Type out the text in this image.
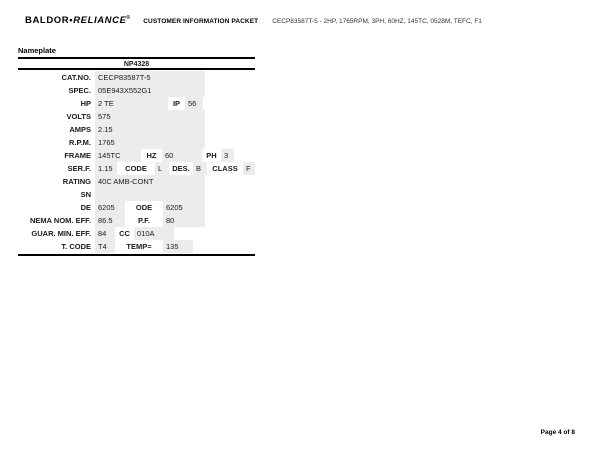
BALDOR•RELIANCE®
CUSTOMER INFORMATION PACKET CECP83587T-5 - 2HP, 1765RPM, 3PH, 60HZ, 145TC, 0528M, TEFC, F1
Nameplate
NP4328
CAT.NO. CECP83587T-5
SPEC. 05E943X552G1
HP 2 TE	IP	56
VOLTS 575
AMPS 2.15
R.P.M. 1765
FRAME 145TC	HZ	60	PH 3
SER.F. 1.15	CODE	L	DES. B	CLASS	F
RATING 40C AMB-CONT
SN
DE 6205	ODE	6205
NEMA NOM. EFF. 86.5	P.F.	80
GUAR. MIN. EFF. 84	CC 010A
T. CODE T4	TEMP=	135
Page 4 of 8
